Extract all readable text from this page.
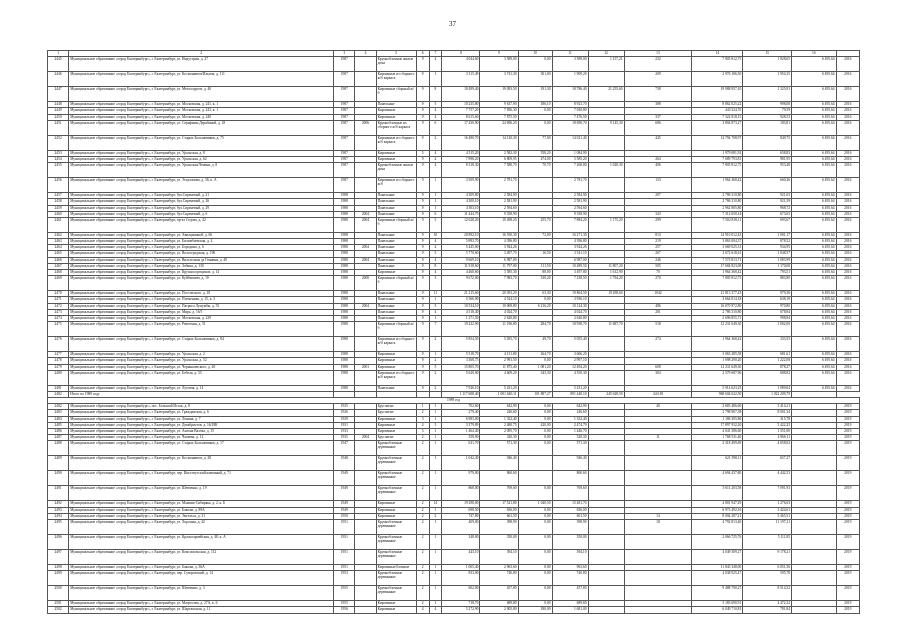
37
1	2	3	4	5	6	7	8	9	10	11	12	13	14	15	16	
2445	Муниципальное образование «город Екатеринбург», г. Екатеринбург, ул. Индустрии, д. 27	1987		Крупноблочные жилые дома	9	4	4 044,60	3 589,00	0,00	3 589,00	1 157,21	232	7 805 812,75	1 928,65	6 495,64	2016
2446	Муниципальное образование «город Екатеринбург», г. Екатеринбург, ул. Космонавтов/Ильича, д. 111	1987		Кирпичные из сборного ж/б каркаса	9	1	3 315,49	3 741,30	301,00	1 909,20		209	2 976 186,50	1 954,35	6 495,64	2016
2447	Муниципальное образование «город Екатеринбург», г. Екатеринбург, ул. Металлургов, д. 40	1987		Кирпичные сборный ж/б	9	8	18 499,40	19 093,50	191,30	18 786,40	21 255,60	738	19 988 957,10	1 325,91	6 495,64	2016
2448	Муниципальное образование «город Екатеринбург», г. Екатеринбург, ул. Московская, д. 241, к. 1	1987		Панельные	9	5	10 235,80	9 637,90	186,10	8 923,70		388	8 862 025,22	998,08	6 495,64	2016
2449	Муниципальное образование «город Екатеринбург», г. Екатеринбург, ул. Московская, д. 243, к. 1	1987		Кирпичные	9	4	7 757,20	7 856,30	0,00	7 030,80			443 524,70	79,59	6 495,64	2016
2450	Муниципальное образование «город Екатеринбург», г. Екатеринбург, ул. Московская, д. 240	1987		Кирпичные	9	4	8 615,60	7 875,50		7 476,50		337	7 322 818,15	928,53	6 495,64	2016
2451	Муниципальное образование «город Екатеринбург», г. Екатеринбург, ул. Серафимы Дерябиной, д. 18	1987	2006	Крупноблочные из сборного ж/б каркаса	9	6	17 430,90	24 696,20	0,00	18 690,70	9 145,30	686	3 804 873,27	183,81	6 495,64	2016
2452	Муниципальное образование «город Екатеринбург», г. Екатеринбург, ул. Старых Большевиков, д. 75	1987		Кирпичные из сборного ж/б каркаса	9	2	16 480,70	14 120,30	77,00	14 021,40		445	12 794 708,97	849,75	6 495,64	2016
2453	Муниципальное образование «город Екатеринбург», г. Екатеринбург, ул. Уральская, д. 8	1987		Кирпичные	5	4	4 515,20	2 582,30	558,20	1 084,90			1 979 081,92	658,83	6 495,64	2016
2454	Муниципальное образование «город Екатеринбург», г. Екатеринбург, ул. Уральская, д. 62	1987		Кирпичные	9	4	7 898,20	6 809,95	474,00	5 585,20		264	7 689 793,81	981,95	6 495,64	2016
2455	Муниципальное образование «город Екатеринбург», г. Екатеринбург, ул. Уральская/Ленина, д. 8	1987		Крупноблочные жилые дома	9	4	8 318,30	7 580,70	70,70	7 268,80	1 028,30	406	7 805 812,75	953,48	6 495,64	2016
2456	Муниципальное образование «город Екатеринбург», г. Екатеринбург, ул. Эскулапова, д. 36, к. А	1987		Кирпичные из сборного ж/б	9	1	3 509,90	2 781,70		2 781,70		133	1 964 368,42	660,26	6 495,64	2016
2457	Муниципальное образование «город Екатеринбург», г. Екатеринбург, бул.Сиреневый, д. 21	1988		Панельные	9	1	4 309,80	2 584,90		2 584,90		207	2 786 310,80	921,63	6 495,64	2016
2458	Муниципальное образование «город Екатеринбург», г. Екатеринбург, бул.Сиреневый, д. 26	1988		Панельные	9	1	4 300,10	2 581,90		2 581,90			2 786 310,80	921,59	6 495,64	2016
2459	Муниципальное образование «город Екатеринбург», г. Екатеринбург, бул.Сиреневый, д. 29	1988		Панельные	9	1	4 303,10	2 594,60		2 594,60			2 962 805,80	968,72	6 495,64	2016
2460	Муниципальное образование «город Екатеринбург», г. Екатеринбург, бул.Сиреневый, д. 6	1988	2004	Панельные	9	6	11 444,70	9 358,90		9 358,90		343	7 312 650,14	673,65	6 495,64	2016
2461	Муниципальное образование «город Екатеринбург», г. Екатеринбург, пр-кт Седова, д. 42	1988	2004	Кирпичные сборный ж/б	9	5	12 628,20	10 498,20	255,70	7 884,20	1 175,20	299	7 502 818,11	693,67	6 495,64	2016
2462	Муниципальное образование «город Екатеринбург», г. Екатеринбург, ул. Авиационной, д. 66	1988		Панельные	9	10	20 892,10	16 550,30	72,00	16 271,30		813	14 910 012,43	1 001,17	6 495,64	2016
2463	Муниципальное образование «город Екатеринбург», г. Екатеринбург, ул. Билимбаевская, д. 4	1988		Панельные	9	4	5 893,70	4 396,80		4 396,80		219	3 863 004,37	878,52	6 495,64	2016
2464	Муниципальное образование «город Екатеринбург», г. Екатеринбург, ул. Бородина, д. 6	1988	2004	Панельные	9	4	5 445,00	3 924,26		3 924,26		257	3 669 025,31	934,95	6 495,64	2016
2465	Муниципальное образование «город Екатеринбург», г. Екатеринбург, ул. Волгоградская, д. 196	1988		Панельные	9	5	5 770,60	3 497,70	16,50	3 541,10		267	3 672 618,61	1 048,57	6 495,64	2016
2466	Муниципальное образование «город Екатеринбург», г. Екатеринбург, ул. Вильгельма де Геннина, д. 49	1988	2004	Панельные	9	4	9 669,10	6 987,00		6 987,00		246	7 573 813,71	1 083,99	6 495,64	2016
2467	Муниципальное образование «город Екатеринбург», г. Екатеринбург, ул. Зобина, д. 130	1988		Панельные	9	8	11 918,60	11 797,00	111,50	10 489,50	11 807,20	505	17 684 823,68	1 170,08	6 495,64	2016
2468	Муниципальное образование «город Екатеринбург», г. Екатеринбург, ул. Крупносортщиков, д. 14	1988		Кирпичные	9	4	4 460,60	3 585,30	88,00	3 497,80	1 612,90	70	1 964 368,42	793,51	6 495,64	2016
2469	Муниципальное образование «город Екатеринбург», г. Екатеринбург, ул. Куйбышева, д. 19	1988	2000	Кирпичные сборный ж/б	9	3	9 672,00	7 983,70	330,20	7 238,50	1 794,20	270	7 805 812,75	883,80	6 495,64	2016
2470	Муниципальное образование «город Екатеринбург», г. Екатеринбург, ул. Постовского, д. 18	1988		Панельные	9	11	21 215,60	20 053,20	63,30	19 864,50	19 298,60	1042	21 813 377,43	979,36	6 495,64	2016
2471	Муниципальное образование «город Екатеринбург», г. Екатеринбург, ул. Племенная, д. 15, к. 3	1988		Панельные	9	1	5 566,90	4 524,10	0,00	3 936,10			3 664 014,18	638,19	6 495,64	2016
2472	Муниципальное образование «город Екатеринбург», г. Екатеринбург, ул. Патриса Лумумбы, д. 55	1988	2004	Панельные	9	5	10 534,10	10 069,80	6 216,20	10 124,30		486	16 070 972,80	970,80	6 495,64	2016
2473	Муниципальное образование «город Екатеринбург», г. Екатеринбург, ул. Мира, д. 16/5	1988		Панельные	9	4	4 518,40	4 024,70		4 024,70		201	2 786 310,80	678,84	6 495,64	2016
2474	Муниципальное образование «город Екатеринбург», г. Екатеринбург, ул. Московская, д. 229	1988		Панельные	9	1	1 271,50	2 620,80		2 620,80			2 696 855,71	998,84	6 495,64	2016
2475	Муниципальное образование «город Екатеринбург», г. Екатеринбург, ул. Решетная, д. 51	1988		Кирпичные сборный ж/б	9	7	19 222,90	11 196,80	284,70	10 938,70	11 687,70	518	12 231 649,30	1 002,00	6 495,64	2016
2476	Муниципальное образование «город Екатеринбург», г. Екатеринбург, ул. Старых Большевиков, д. 84	1988		Кирпичные из сборного ж/б каркаса	9	2	5 854,50	5 055,70	49,70	5 055,40		274	1 964 368,42	333,55	6 495,64	2016
2477	Муниципальное образование «город Екатеринбург», г. Екатеринбург, ул. Уральская, д. 2	1988		Кирпичные	9	1	5 518,70	4 131,80	264,70	3 666,20			3 063 285,58	681,61	6 495,64	2016
2478	Муниципальное образование «город Екатеринбург», г. Екатеринбург, ул. Уральская, д. 52	1988		Кирпичные	9	2	3 368,75	2 991,50	0,00	2 997,10			1 698 290,20	1 222,08	6 495,64	2016
2479	Муниципальное образование «город Екатеринбург», г. Екатеринбург, ул. Чернышевского, д. 40	1988	2001	Кирпичные	9	5	15 805,70	11 875,40	1 081,20	12 494,20		608	12 231 649,30	878,27	6 495,64	2016
2480	Муниципальное образование «город Екатеринбург», г. Екатеринбург, ул. Бебеля, д. 33	1988		Кирпичные из сборного ж/б каркаса	9	2	5 620,00	4 609,20	343,30	4 550,30		304	2 579 687,96	688,82	6 495,64	2016
2481	Муниципальное образование «город Екатеринбург», г. Екатеринбург, ул. Луговая, д. 14	1988		Панельные	9	2	7 926,10	5 431,20		5 431,20			5 914 623,25	1 089,04	6 495,64	2016
2482	Итого по 1988 году						1 117 608,40	1 001 640,11	101 887,27	891 440,10	245 628,50	44 618	968 604 622,50	1 022 209,79		
1989 год																
2482	Муниципальное образование «город Екатеринбург», пос. Большой Исток, д. 8	1925		Брусчатые	1	1	702,60	642,90	0,00	642,90		40	2 683 486,60	3 414,21		2019
2483	Муниципальное образование «город Екатеринбург», г. Екатеринбург, ул. Гражданская, д. 6	1926		Брусчатые	2	1	279,40	246,60	0,00	246,60			2 798 967,38	8 001,34		2019
2484	Муниципальное образование «город Екатеринбург», г. Екатеринбург, ул. Ленина, д. 7	1929		Кирпичные	3	1	6 983,00	1 352,40	0,00	1 352,40			1 186 305,86	315,78		2019
2485	Муниципальное образование «город Екатеринбург», г. Екатеринбург, ул. Декабристов, д. 16/18К	1931		Кирпичные	4	5	3 379,89	2 480,75	420,00	2 474,79			17 897 932,20	5 422,25		2019
2486	Муниципальное образование «город Екатеринбург», г. Екатеринбург, ул. Антона Валека, д. 15	1933		Кирпичные	3	1	1 464,40	2 095,70	0,00	1 446,70			4 041 386,60	1 351,00		2019
2487	Муниципальное образование «город Екатеринбург», г. Екатеринбург, ул. Чапаева, д. 12	1935	2004	Брусчатые	2	1	358,90	320,30	0,00	320,30		11	1 768 531,40	4 966,11		2019
2488	Муниципальное образование «город Екатеринбург», г. Екатеринбург, ул. Старых Большевиков, д. 17	1947		Крупноблочные деревянные	2	1	631,70	571,30	0,00	571,30			2 318 499,69	4 058,02		2019
2489	Муниципальное образование «город Екатеринбург», г. Екатеринбург, ул. Космонавтов, д. 28	1948		Крупноблочные деревянные	2	1	1 042,40	946,40		946,40			621 598,11	657,27		2019
2490	Муниципальное образование «город Екатеринбург», г. Екатеринбург, пер. Институтский каменный, д. 71	1949		Крупноблочные деревянные	2	1	979,00	860,60		860,60			4 694 437,80	4 442,53		2019
2491	Муниципальное образование «город Екатеринбург», г. Екатеринбург, ул. Шевченко, д. 19	1949		Крупноблочные деревянные	2	1	868,00	769,60	0,00	769,60			5 611 203,58	7 091,93		2019
2492	Муниципальное образование «город Екатеринбург», г. Екатеринбург, ул. Мамина-Сибиряка, д. 2, к. Б	1949		Кирпичные	2	14	19 298,00	17 521,80	1 040,50	15 481,70			4 801 947,29	1 276,63		2019
2493	Муниципальное образование «город Екатеринбург», г. Екатеринбург, ул. Бажова, д. 89А	1949		Кирпичные	2	1	698,50	656,00	0,00	656,00			6 973 492,16	3 424,61		2019
2494	Муниципальное образование «город Екатеринбург», г. Екатеринбург, ул. Энгельса, д. 31	1950		Кирпичные	2	2	747,80	661,50	0,00	661,50		14	8 004 287,21	3 465,51		2019
2495	Муниципальное образование «город Екатеринбург», г. Екатеринбург, ул. Хорошая, д. 42	1951		Крупноблочные деревянные	2	1	409,00	398,90	0,00	398,90		18	4 792 813,40	11 197,21		2019
2496	Муниципальное образование «город Екатеринбург», г. Екатеринбург, ул. Красноармейская, д. 48, к. А	1951		Крупноблочные деревянные	2	1	348,00	350,00	0,00	350,00			2 066 725,76	5 111,85		2019
2497	Муниципальное образование «город Екатеринбург», г. Екатеринбург, ул. Комсомольская, д. 112	1951		Крупноблочные деревянные	2	1	443,10	394,10	0,00	394,10			4 049 309,27	9 178,21		2019
2498	Муниципальное образование «город Екатеринбург», г. Екатеринбург, ул. Бажова, д. 36А	1951		Кирпичные/блочные	2	1	1 065,40	2 963,60	0,00	963,60			11 843 348,00	6 051,56		2019
2499	Муниципальное образование «город Екатеринбург», г. Екатеринбург, пер. Суворовский, д. 14	1953		Крупноблочные деревянные	2	1	833,00	740,80	0,00	740,80			4 038 925,47	595,78		2019
2500	Муниципальное образование «город Екатеринбург», г. Екатеринбург, ул. Шевченко, д. 3	1955		Крупноблочные деревянные	2	1	602,00	457,80	0,00	457,80			9 488 790,27	8 514,52		2019
2501	Муниципальное образование «город Екатеринбург», г. Екатеринбург, ул. Матросова, д. 27А, к. 6	1955		Кирпичные	2	1	718,70	689,80	0,00	689,80			3 183 690,91	4 472,22		2019
2502	Муниципальное образование «город Екатеринбург», г. Екатеринбург, ул. Шарташская, д. 11	1956		Кирпичные	4	4	5 272,90	2 005,80	180,00	1 681,00			6 049 710,81	781,84		2019
